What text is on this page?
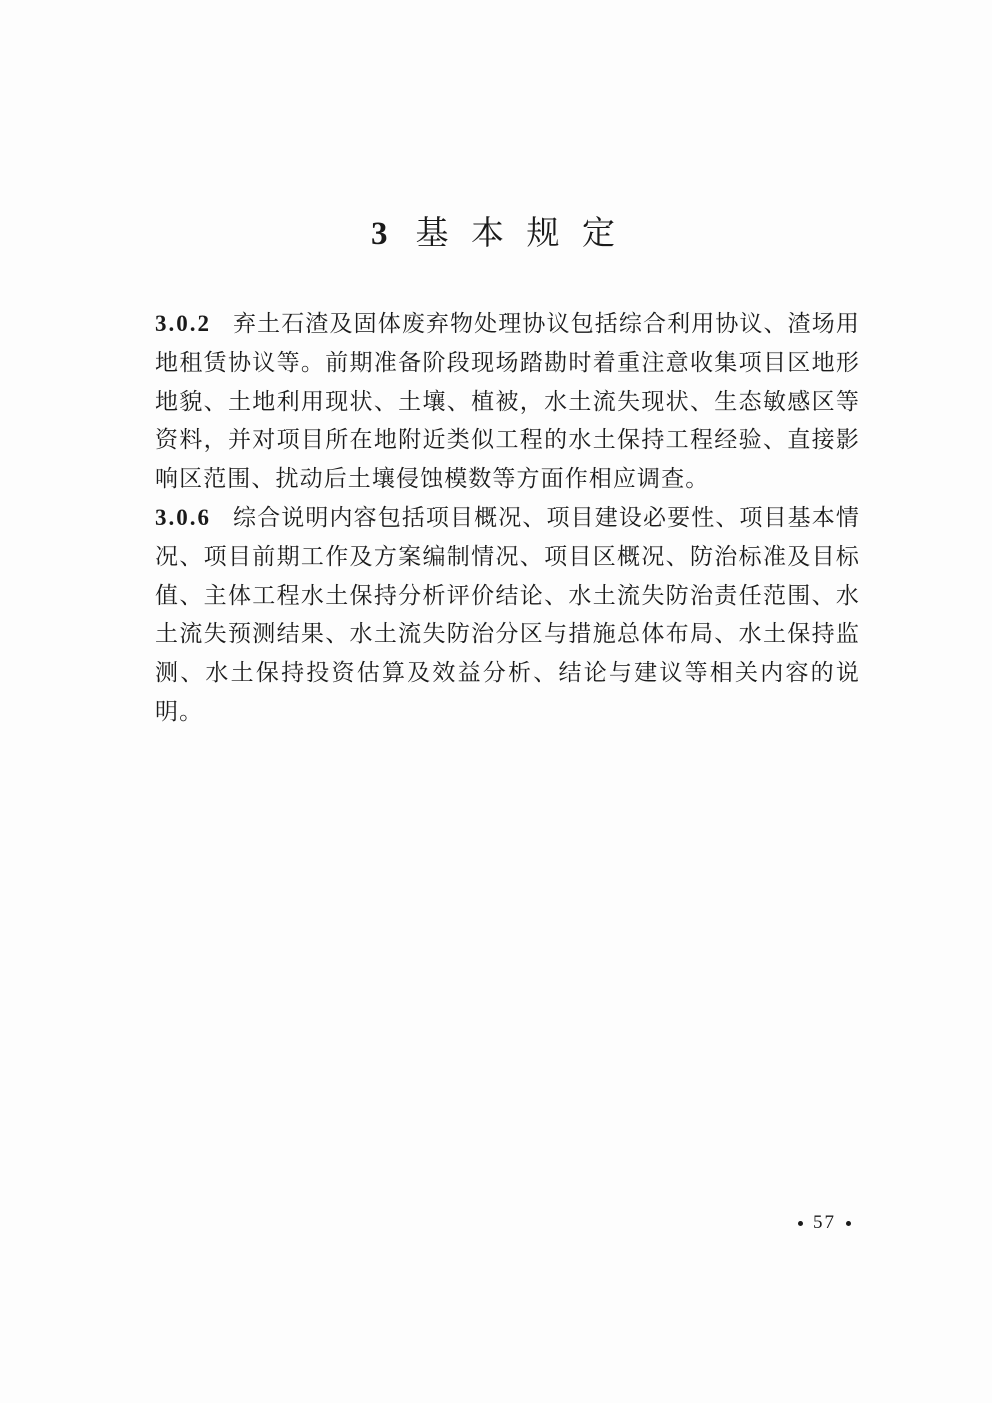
3 基 本 规 定

3.0.2 弃土石渣及固体废弃物处理协议包括综合利用协议、渣场用地租赁协议等。前期准备阶段现场踏勘时着重注意收集项目区地形地貌、土地利用现状、土壤、植被，水土流失现状、生态敏感区等资料，并对项目所在地附近类似工程的水土保持工程经验、直接影响区范围、扰动后土壤侵蚀模数等方面作相应调查。

3.0.6 综合说明内容包括项目概况、项目建设必要性、项目基本情况、项目前期工作及方案编制情况、项目区概况、防治标准及目标值、主体工程水土保持分析评价结论、水土流失防治责任范围、水土流失预测结果、水土流失防治分区与措施总体布局、水土保持监测、水土保持投资估算及效益分析、结论与建议等相关内容的说明。

57
